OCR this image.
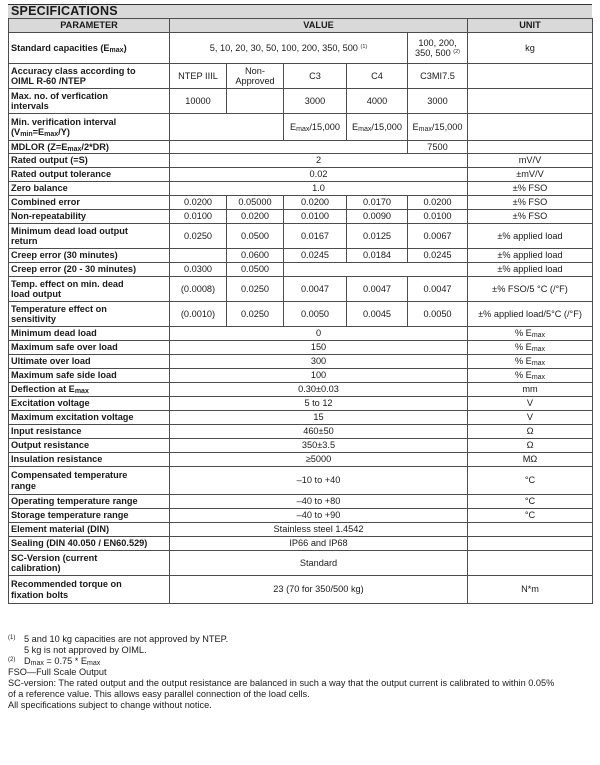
SPECIFICATIONS
PARAMETER	VALUE					UNIT
Standard capacities $(E_{max})$	5, 10, 20, 30, 50, 100, 200, 350, 500 $^{(1)}$				100, 200,
350, 500 $^{(2)}$	kg
Accuracy class according to
OIML R-60 /NTEP	NTEP IIIL	Non-
Approved	C3	C4	C3MI7.5	
Max. no. of verfication
intervals	10000		3000	4000	3000	
Min. verification interval
$(V_{min}=E_{max}/Y)$			$E_{max}/15,000$	$E_{max}/15,000$	$E_{max}/15,000$	
MDLOR $(Z=E_{max}/2*DR)$					7500	
Rated output (=S)	2					mV/V
Rated output tolerance	0.02					±mV/V
Zero balance	1.0					±% FSO
Combined error	0.0200	0.05000	0.0200	0.0170	0.0200	±% FSO
Non-repeatability	0.0100	0.0200	0.0100	0.0090	0.0100	±% FSO
Minimum dead load output
return	0.0250	0.0500	0.0167	0.0125	0.0067	±% applied load
Creep error (30 minutes)		0.0600	0.0245	0.0184	0.0245	±% applied load
Creep error (20 - 30 minutes)	0.0300	0.0500				±% applied load
Temp. effect on min. dead
load output	(0.0008)	0.0250	0.0047	0.0047	0.0047	±% FSO/5 °C (/°F)
Temperature effect on
sensitivity	(0.0010)	0.0250	0.0050	0.0045	0.0050	±% applied load/5°C (/°F)
Minimum dead load	0					% $E_{max}$
Maximum safe over load	150					% $E_{max}$
Ultimate over load	300					% $E_{max}$
Maximum safe side load	100					% $E_{max}$
Deflection at $E_{max}$	0.30±0.03					mm
Excitation voltage	5 to 12					V
Maximum excitation voltage	15					V
Input resistance	460±50					Ω
Output resistance	350±3.5					Ω
Insulation resistance	≥5000					MΩ
Compensated temperature
range	–10 to +40					°C
Operating temperature range	–40 to +80					°C
Storage temperature range	–40 to +90					°C
Element material (DIN)	Stainless steel 1.4542					
Sealing (DIN 40.050 / EN60.529)	IP66 and IP68					
SC-Version (current
calibration)	Standard					
Recommended torque on
fixation bolts	23 (70 for 350/500 kg)					N*m
(1) 5 and 10 kg capacities are not approved by NTEP.
5 kg is not approved by OIML.
(2) $D_{max} = 0.75 * E_{max}$
FSO—Full Scale Output
SC-version: The rated output and the output resistance are balanced in such a way that the output current is calibrated to within 0.05%
of a reference value. This allows easy parallel connection of the load cells.
All specifications subject to change without notice.
